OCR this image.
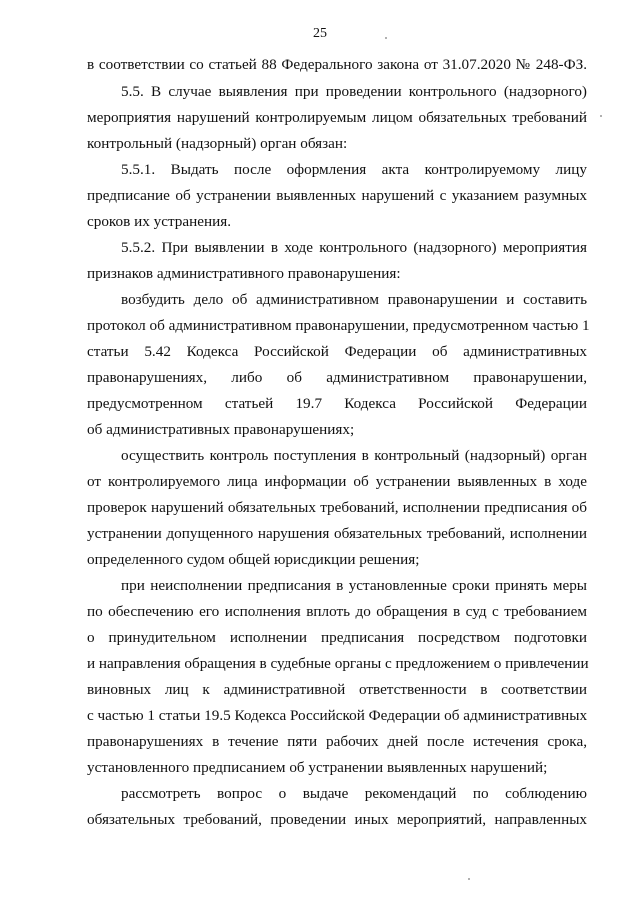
25
в соответствии со статьей 88 Федерального закона от 31.07.2020 № 248-ФЗ.
5.5. В случае выявления при проведении контрольного (надзорного)
мероприятия нарушений контролируемым лицом обязательных требований
контрольный (надзорный) орган обязан:
5.5.1. Выдать после оформления акта контролируемому лицу
предписание об устранении выявленных нарушений с указанием разумных
сроков их устранения.
5.5.2. При выявлении в ходе контрольного (надзорного) мероприятия
признаков административного правонарушения:
возбудить дело об административном правонарушении и составить
протокол об административном правонарушении, предусмотренном частью 1
статьи 5.42 Кодекса Российской Федерации об административных
правонарушениях, либо об административном правонарушении,
предусмотренном статьей 19.7 Кодекса Российской Федерации
об административных правонарушениях;
осуществить контроль поступления в контрольный (надзорный) орган
от контролируемого лица информации об устранении выявленных в ходе
проверок нарушений обязательных требований, исполнении предписания об
устранении допущенного нарушения обязательных требований, исполнении
определенного судом общей юрисдикции решения;
при неисполнении предписания в установленные сроки принять меры
по обеспечению его исполнения вплоть до обращения в суд с требованием
о принудительном исполнении предписания посредством подготовки
и направления обращения в судебные органы с предложением о привлечении
виновных лиц к административной ответственности в соответствии
с частью 1 статьи 19.5 Кодекса Российской Федерации об административных
правонарушениях в течение пяти рабочих дней после истечения срока,
установленного предписанием об устранении выявленных нарушений;
рассмотреть вопрос о выдаче рекомендаций по соблюдению
обязательных требований, проведении иных мероприятий, направленных
